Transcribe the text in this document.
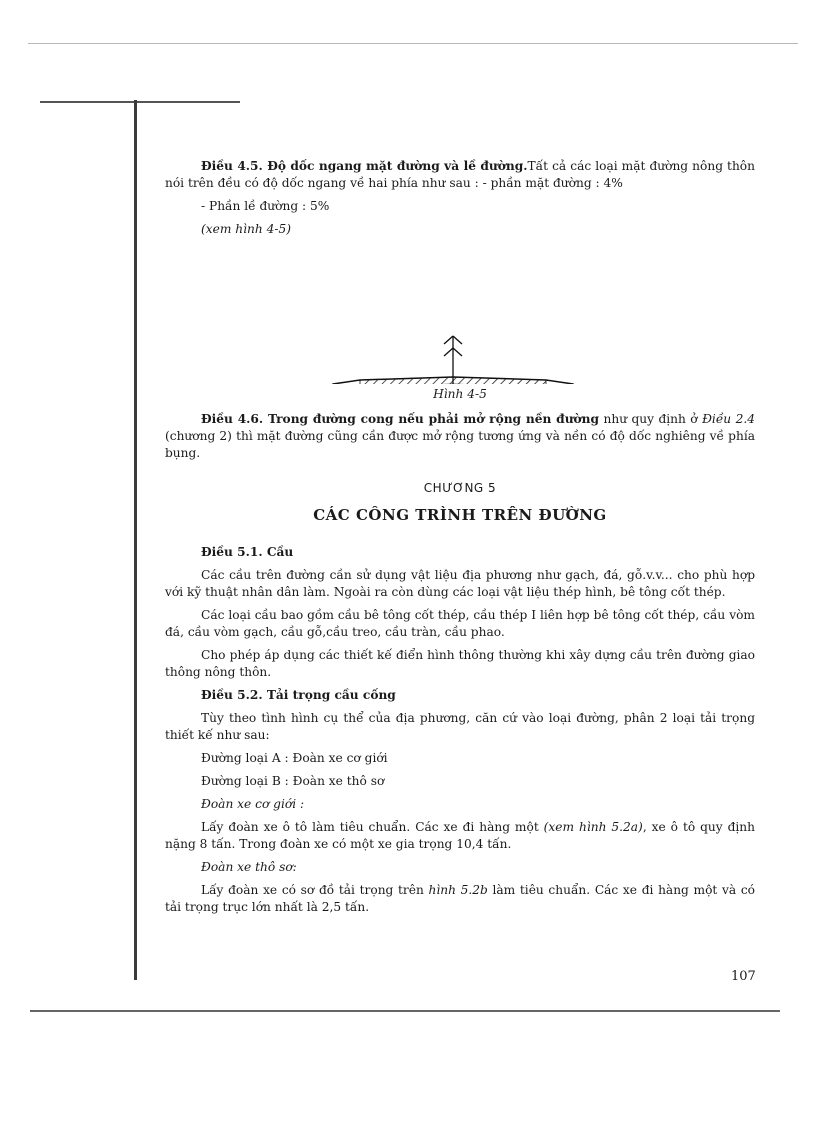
Điều 4.5. Độ dốc ngang mặt đường và lề đường.Tất cả các loại mặt đường nông thôn nói trên đều có độ dốc ngang về hai phía như sau : - phần mặt đường : 4%

- Phần lề đường : 5%

(xem hình 4-5)

Hình 4-5

Điều 4.6. Trong đường cong nếu phải mở rộng nền đường như quy định ở Điều 2.4 (chương 2) thì mặt đường cũng cần được mở rộng tương ứng và nền có độ dốc nghiêng về phía bụng.

CHƯƠNG 5
CÁC CÔNG TRÌNH TRÊN ĐƯỜNG

Điều 5.1. Cầu

Các cầu trên đường cần sử dụng vật liệu địa phương như gạch, đá, gỗ.v.v... cho phù hợp với kỹ thuật nhân dân làm. Ngoài ra còn dùng các loại vật liệu thép hình, bê tông cốt thép.

Các loại cầu bao gồm cầu bê tông cốt thép, cầu thép I liên hợp bê tông cốt thép, cầu vòm đá, cầu vòm gạch, cầu gỗ,cầu treo, cầu tràn, cầu phao.

Cho phép áp dụng các thiết kế điển hình thông thường khi xây dựng cầu trên đường giao thông nông thôn.

Điều 5.2. Tải trọng cầu cống

Tùy theo tình hình cụ thể của địa phương, căn cứ vào loại đường, phân 2 loại tải trọng thiết kế như sau:

Đường loại A : Đoàn xe cơ giới

Đường loại B : Đoàn xe thô sơ

Đoàn xe cơ giới :

Lấy đoàn xe ô tô làm tiêu chuẩn. Các xe đi hàng một (xem hình 5.2a), xe ô tô quy định nặng 8 tấn. Trong đoàn xe có một xe gia trọng 10,4 tấn.

Đoàn xe thô sơ:

Lấy đoàn xe có sơ đồ tải trọng trên hình 5.2b làm tiêu chuẩn. Các xe đi hàng một và có tải trọng trục lớn nhất là 2,5 tấn.

107
